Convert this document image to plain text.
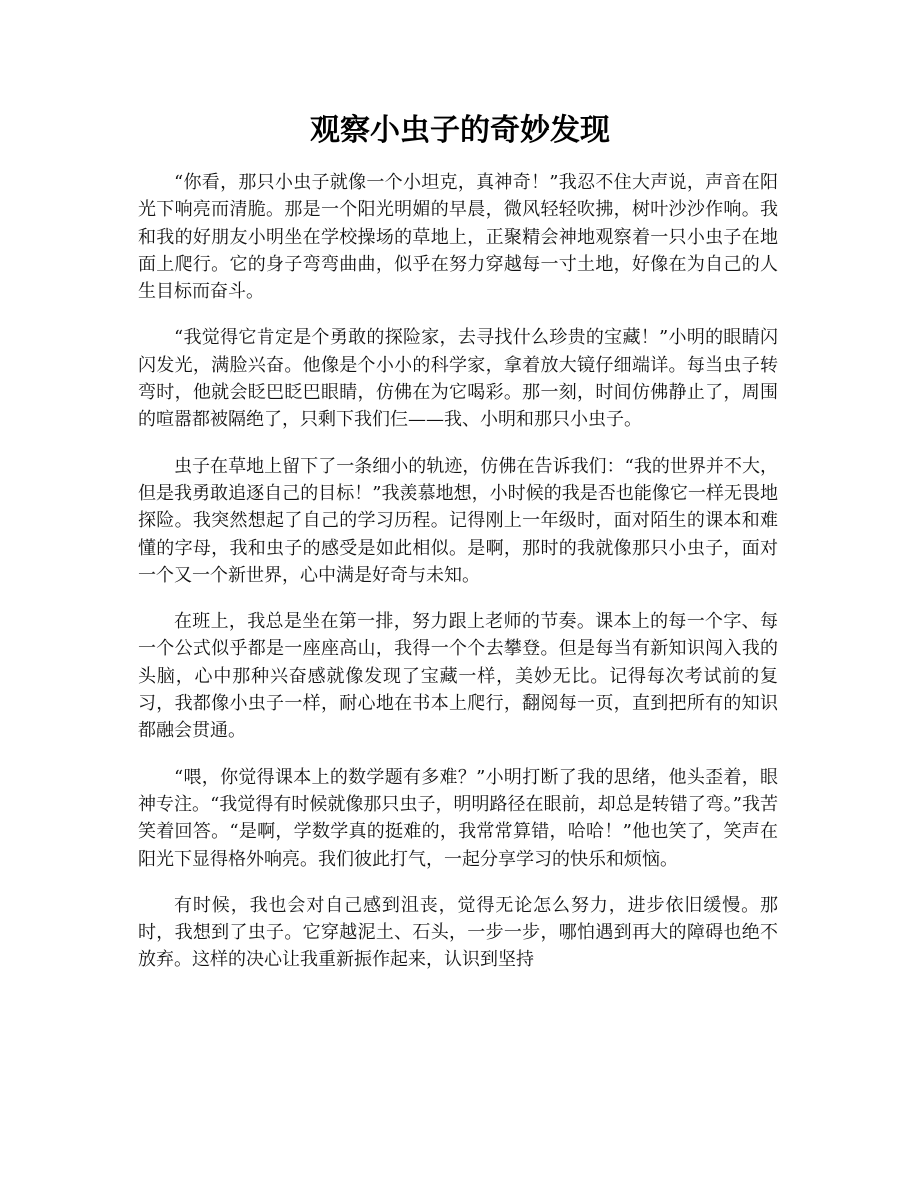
观察小虫子的奇妙发现

“你看，那只小虫子就像一个小坦克，真神奇！”我忍不住大声说，声音在阳光下响亮而清脆。那是一个阳光明媚的早晨，微风轻轻吹拂，树叶沙沙作响。我和我的好朋友小明坐在学校操场的草地上，正聚精会神地观察着一只小虫子在地面上爬行。它的身子弯弯曲曲，似乎在努力穿越每一寸土地，好像在为自己的人生目标而奋斗。

“我觉得它肯定是个勇敢的探险家，去寻找什么珍贵的宝藏！”小明的眼睛闪闪发光，满脸兴奋。他像是个小小的科学家，拿着放大镜仔细端详。每当虫子转弯时，他就会眨巴眨巴眼睛，仿佛在为它喝彩。那一刻，时间仿佛静止了，周围的喧嚣都被隔绝了，只剩下我们仨——我、小明和那只小虫子。

虫子在草地上留下了一条细小的轨迹，仿佛在告诉我们：“我的世界并不大，但是我勇敢追逐自己的目标！”我羡慕地想，小时候的我是否也能像它一样无畏地探险。我突然想起了自己的学习历程。记得刚上一年级时，面对陌生的课本和难懂的字母，我和虫子的感受是如此相似。是啊，那时的我就像那只小虫子，面对一个又一个新世界，心中满是好奇与未知。

在班上，我总是坐在第一排，努力跟上老师的节奏。课本上的每一个字、每一个公式似乎都是一座座高山，我得一个个去攀登。但是每当有新知识闯入我的头脑，心中那种兴奋感就像发现了宝藏一样，美妙无比。记得每次考试前的复习，我都像小虫子一样，耐心地在书本上爬行，翻阅每一页，直到把所有的知识都融会贯通。

“喂，你觉得课本上的数学题有多难？”小明打断了我的思绪，他头歪着，眼神专注。“我觉得有时候就像那只虫子，明明路径在眼前，却总是转错了弯。”我苦笑着回答。“是啊，学数学真的挺难的，我常常算错，哈哈！”他也笑了，笑声在阳光下显得格外响亮。我们彼此打气，一起分享学习的快乐和烦恼。

有时候，我也会对自己感到沮丧，觉得无论怎么努力，进步依旧缓慢。那时，我想到了虫子。它穿越泥土、石头，一步一步，哪怕遇到再大的障碍也绝不放弃。这样的决心让我重新振作起来，认识到坚持
